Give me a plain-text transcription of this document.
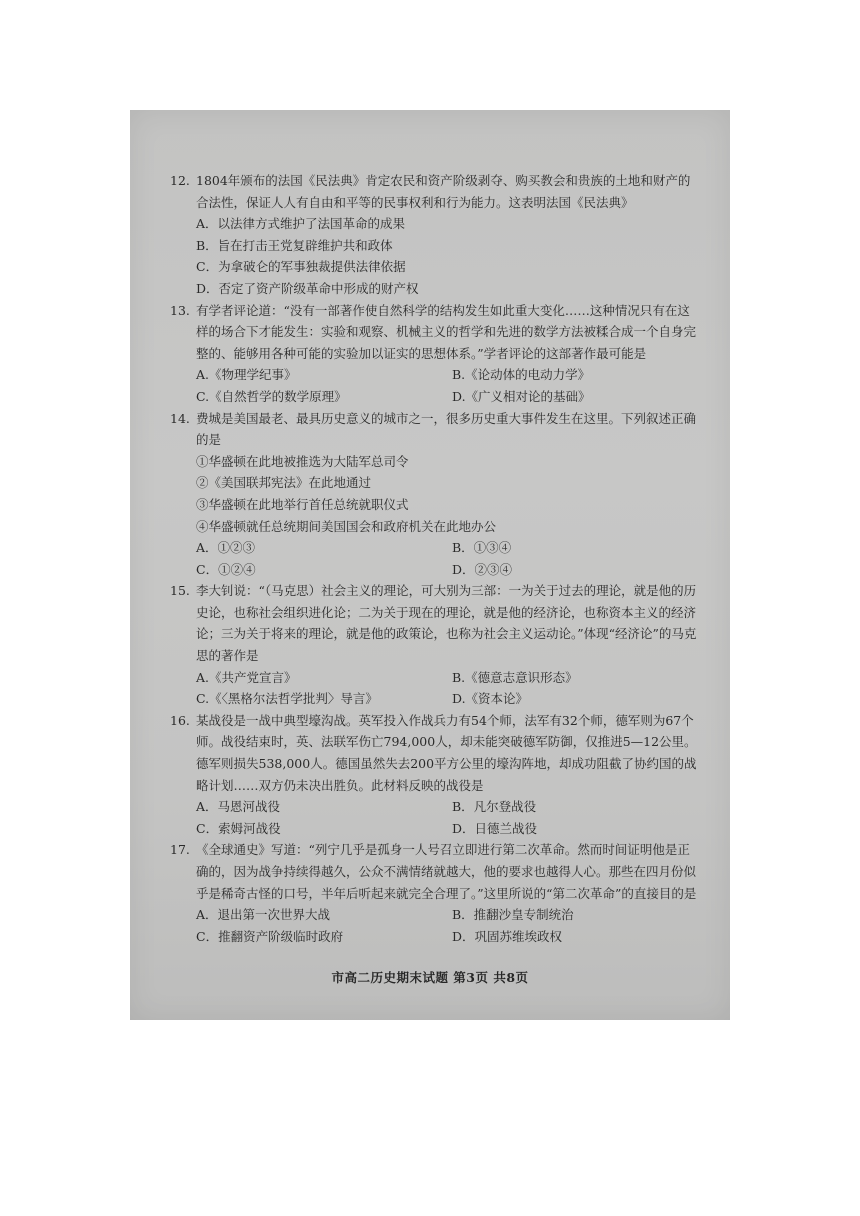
12. 1804年颁布的法国《民法典》肯定农民和资产阶级剥夺、购买教会和贵族的土地和财产的合法性，保证人人有自由和平等的民事权利和行为能力。这表明法国《民法典》
A．以法律方式维护了法国革命的成果
B．旨在打击王党复辟维护共和政体
C．为拿破仑的军事独裁提供法律依据
D．否定了资产阶级革命中形成的财产权
13. 有学者评论道：“没有一部著作使自然科学的结构发生如此重大变化……这种情况只有在这样的场合下才能发生：实验和观察、机械主义的哲学和先进的数学方法被糅合成一个自身完整的、能够用各种可能的实验加以证实的思想体系。”学者评论的这部著作最可能是
A.《物理学纪事》	B.《论动体的电动力学》
C.《自然哲学的数学原理》	D.《广义相对论的基础》
14. 费城是美国最老、最具历史意义的城市之一，很多历史重大事件发生在这里。下列叙述正确的是
①华盛顿在此地被推选为大陆军总司令
②《美国联邦宪法》在此地通过
③华盛顿在此地举行首任总统就职仪式
④华盛顿就任总统期间美国国会和政府机关在此地办公
A．①②③	B．①③④
C．①②④	D．②③④
15. 李大钊说：“（马克思）社会主义的理论，可大别为三部：一为关于过去的理论，就是他的历史论，也称社会组织进化论；二为关于现在的理论，就是他的经济论，也称资本主义的经济论；三为关于将来的理论，就是他的政策论，也称为社会主义运动论。”体现“经济论”的马克思的著作是
A.《共产党宣言》	B.《德意志意识形态》
C.《〈黑格尔法哲学批判〉导言》	D.《资本论》
16. 某战役是一战中典型壕沟战。英军投入作战兵力有54个师，法军有32个师，德军则为67个师。战役结束时，英、法联军伤亡794,000人，却未能突破德军防御，仅推进5—12公里。德军则损失538,000人。德国虽然失去200平方公里的壕沟阵地，却成功阻截了协约国的战略计划……双方仍未决出胜负。此材料反映的战役是
A．马恩河战役	B．凡尔登战役
C．索姆河战役	D．日德兰战役
17. 《全球通史》写道：“列宁几乎是孤身一人号召立即进行第二次革命。然而时间证明他是正确的，因为战争持续得越久，公众不满情绪就越大，他的要求也越得人心。那些在四月份似乎是稀奇古怪的口号，半年后听起来就完全合理了。”这里所说的“第二次革命”的直接目的是
A．退出第一次世界大战	B．推翻沙皇专制统治
C．推翻资产阶级临时政府	D．巩固苏维埃政权
市高二历史期末试题 第3页 共8页
